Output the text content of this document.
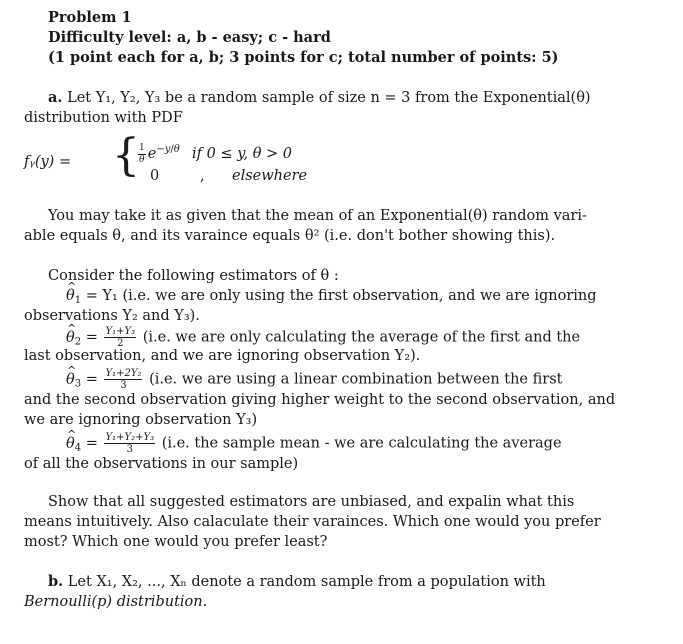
Problem 1
Difficulty level: a, b - easy; c - hard
(1 point each for a, b; 3 points for c; total number of points: 5)
a. Let Y₁, Y₂, Y₃ be a random sample of size n = 3 from the Exponential(θ)
distribution with PDF
fᵧ(y) = {
$\frac{1}{\theta} e^{-y/\theta}$ if 0 ≤ y, θ > 0
0	, elsewhere
You may take it as given that the mean of an Exponential(θ) random vari-
able equals θ, and its varaince equals θ² (i.e. don't bother showing this).
Consider the following estimators of θ :
^ $\theta_1 = Y_1$ (i.e. we are only using the first observation, and we are ignoring
observations Y₂ and Y₃).
^ $\theta_2 = \frac{\text{Y₁+Y₃}}{2} (i.e$. we are only calculating the average of the first and the
last observation, and we are ignoring observation Y₂).
^ $\theta_3 = \frac{\text{Y₁+2Y₂}}{3} (i.e$. we are using a linear combination between the first
and the second observation giving higher weight to the second observation, and
we are ignoring observation Y₃)
^ $\theta_4 = \frac{\text{Y₁+Y₂+Y₃}}{3} (i.e$. the sample mean - we are calculating the average
of all the observations in our sample)
Show that all suggested estimators are unbiased, and expalin what this
means intuitively. Also calaculate their varainces. Which one would you prefer
most? Which one would you prefer least?
b. Let X₁, X₂, ..., Xₙ denote a random sample from a population with
Bernoulli(p) distribution.
